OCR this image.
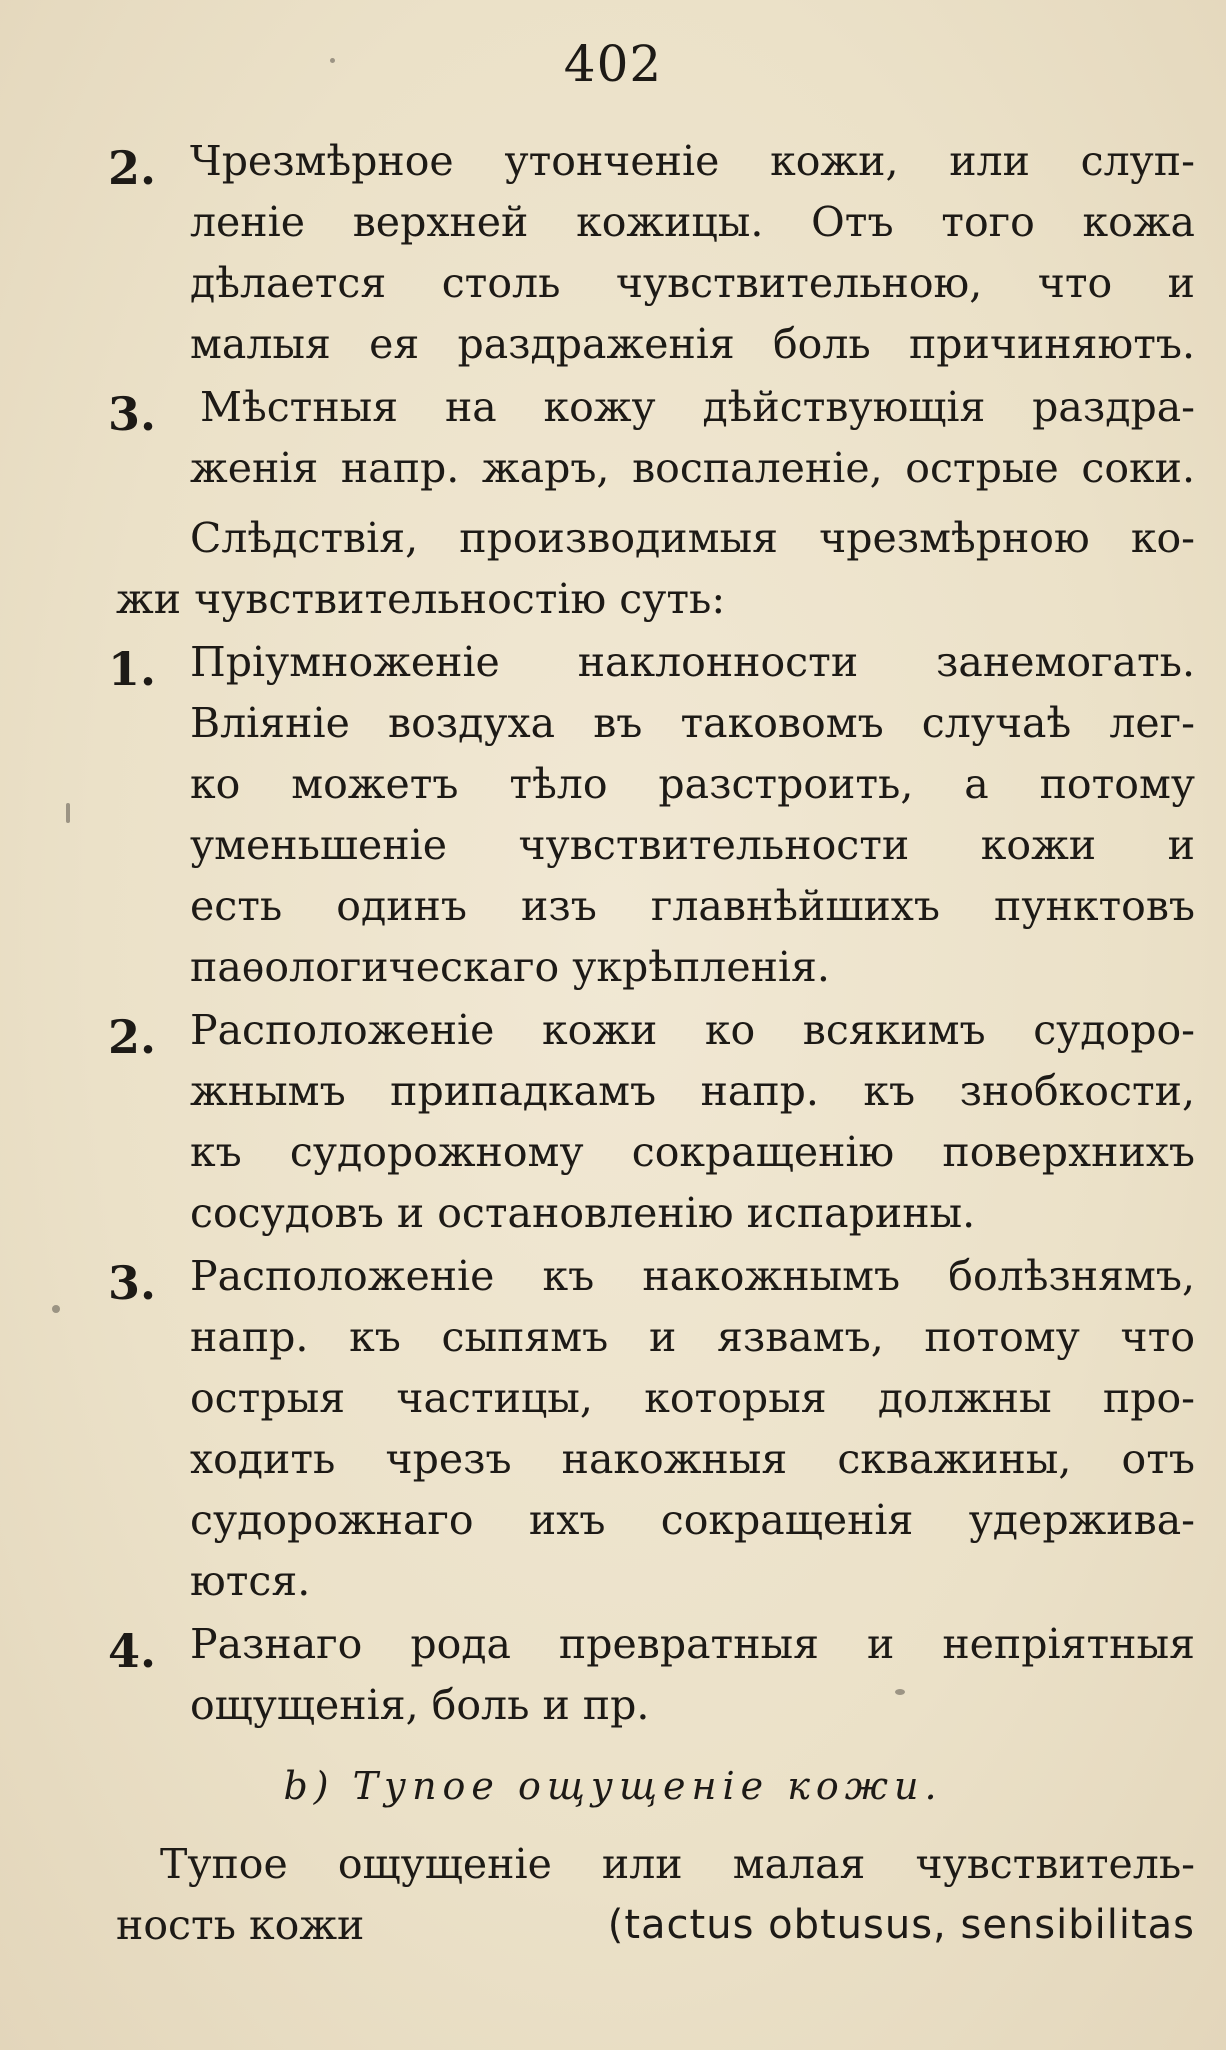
402
2. Чрезмѣрное утонченіе кожи, или слуп-
леніе верхней кожицы. Отъ того кожа
дѣлается столь чувствительною, что и
малыя ея раздраженія боль причиняютъ.
3. Мѣстныя на кожу дѣйствующія раздра-
женія напр. жаръ, воспаленіе, острые соки.
Слѣдствія, производимыя чрезмѣрною ко-
жи чувствительностію суть:
1. Пріумноженіе наклонности занемогать.
Вліяніе воздуха въ таковомъ случаѣ лег-
ко можетъ тѣло разстроить, а потому
уменьшеніе чувствительности кожи и
есть одинъ изъ главнѣйшихъ пунктовъ
паѳологическаго укрѣпленія.
2. Расположеніе кожи ко всякимъ судоро-
жнымъ припадкамъ напр. къ знобкости,
къ судорожному сокращенію поверхнихъ
сосудовъ и остановленію испарины.
3. Расположеніе къ накожнымъ болѣзнямъ,
напр. къ сыпямъ и язвамъ, потому что
острыя частицы, которыя должны про-
ходить чрезъ накожныя скважины, отъ
судорожнаго ихъ сокращенія удержива-
ются.
4. Разнаго рода превратныя и непріятныя
ощущенія, боль и пр.
b) Тупое ощущеніе кожи.
Тупое ощущеніе или малая чувствитель-
ность кожи	(tactus obtusus, sensibilitas
